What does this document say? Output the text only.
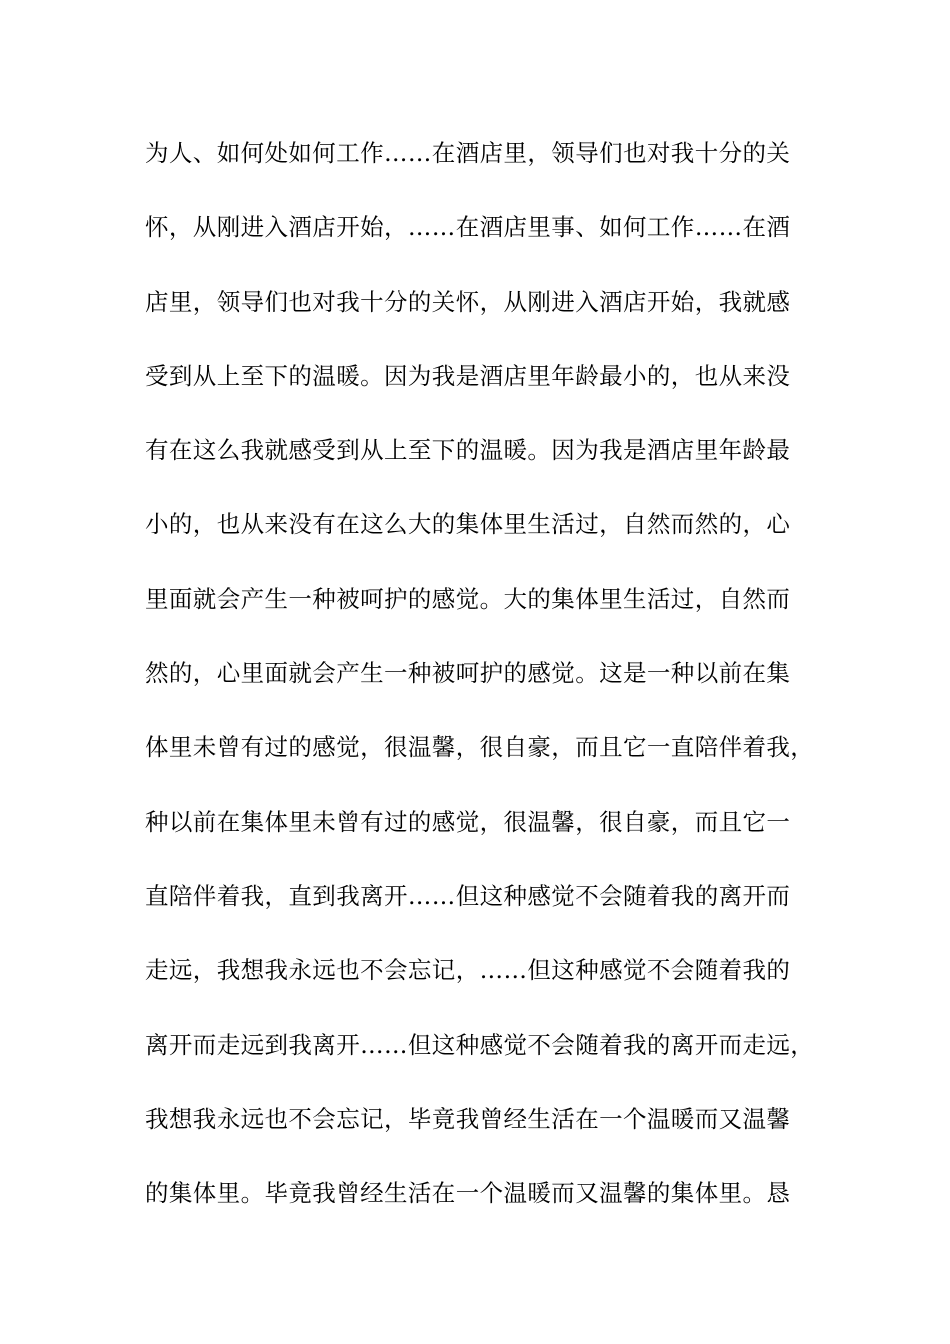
为人、如何处如何工作……在酒店里，领导们也对我十分的关
怀，从刚进入酒店开始，……在酒店里事、如何工作……在酒
店里，领导们也对我十分的关怀，从刚进入酒店开始，我就感
受到从上至下的温暖。因为我是酒店里年龄最小的，也从来没
有在这么我就感受到从上至下的温暖。因为我是酒店里年龄最
小的，也从来没有在这么大的集体里生活过，自然而然的，心
里面就会产生一种被呵护的感觉。大的集体里生活过，自然而
然的，心里面就会产生一种被呵护的感觉。这是一种以前在集
体里未曾有过的感觉，很温馨，很自豪，而且它一直陪伴着我，
种以前在集体里未曾有过的感觉，很温馨，很自豪，而且它一
直陪伴着我，直到我离开……但这种感觉不会随着我的离开而
走远，我想我永远也不会忘记，……但这种感觉不会随着我的
离开而走远到我离开……但这种感觉不会随着我的离开而走远，
我想我永远也不会忘记，毕竟我曾经生活在一个温暖而又温馨
的集体里。毕竟我曾经生活在一个温暖而又温馨的集体里。恳
